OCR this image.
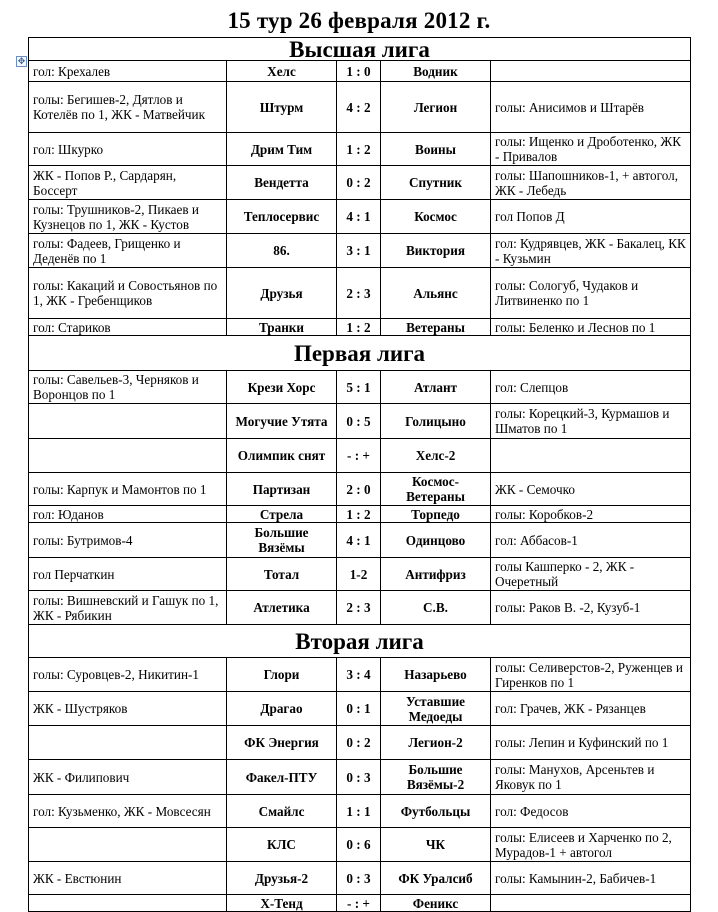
15 тур 26 февраля 2012 г.
✥	Высшая лига				
гол: Крехалев	Хелс	1 : 0	Водник	
голы: Бегишев-2, Дятлов и Котелёв по 1, ЖК - Матвейчик	Штурм	4 : 2	Легион	голы: Анисимов и Штарёв
гол: Шкурко	Дрим Тим	1 : 2	Воины	голы: Ищенко и Дроботенко, ЖК - Привалов
ЖК - Попов Р., Сардарян, Боссерт	Вендетта	0 : 2	Спутник	голы: Шапошников-1, + автогол, ЖК - Лебедь
голы: Трушников-2, Пикаев и Кузнецов по 1, ЖК - Кустов	Теплосервис	4 : 1	Космос	гол Попов Д
голы: Фадеев, Грищенко и Деденёв по 1	86.	3 : 1	Виктория	гол: Кудрявцев, ЖК - Бакалец, КК - Кузьмин
голы: Какаций и Совостьянов по 1, ЖК - Гребенщиков	Друзья	2 : 3	Альянс	голы: Сологуб, Чудаков и Литвиненко по 1
гол: Стариков	Транки	1 : 2	Ветераны	голы: Беленко и Леснов по 1
Первая лига				
голы: Савельев-3, Черняков и Воронцов по 1	Крези Хорс	5 : 1	Атлант	гол: Слепцов
	Могучие Утята	0 : 5	Голицыно	голы: Корецкий-3, Курмашов и Шматов по 1
	Олимпик снят	- : +	Хелс-2	
голы: Карпук и Мамонтов по 1	Партизан	2 : 0	Космос-Ветераны	ЖК - Семочко
гол: Юданов	Стрела	1 : 2	Торпедо	голы: Коробков-2
голы: Бутримов-4	Большие Вязёмы	4 : 1	Одинцово	гол: Аббасов-1
гол Перчаткин	Тотал	1-2	Антифриз	голы Кашперко - 2, ЖК - Очеретный
голы: Вишневский и Гашук по 1, ЖК - Рябикин	Атлетика	2 : 3	С.В.	голы: Раков В. -2, Кузуб-1
Вторая лига				
голы: Суровцев-2, Никитин-1	Глори	3 : 4	Назарьево	голы: Селиверстов-2, Руженцев и Гиренков по 1
ЖК - Шустряков	Драгао	0 : 1	Уставшие Медоеды	гол: Грачев, ЖК - Рязанцев
	ФК Энергия	0 : 2	Легион-2	голы: Лепин и Куфинский по 1
ЖК - Филипович	Факел-ПТУ	0 : 3	Большие Вязёмы-2	голы: Манухов, Арсеньтев и Яковук по 1
гол: Кузьменко, ЖК - Мовсесян	Смайлс	1 : 1	Футбольцы	гол: Федосов
	КЛС	0 : 6	ЧК	голы: Елисеев и Харченко по 2, Мурадов-1 + автогол
ЖК - Евстюнин	Друзья-2	0 : 3	ФК Уралсиб	голы: Камынин-2, Бабичев-1
	Х-Тенд	- : +	Феникс	
